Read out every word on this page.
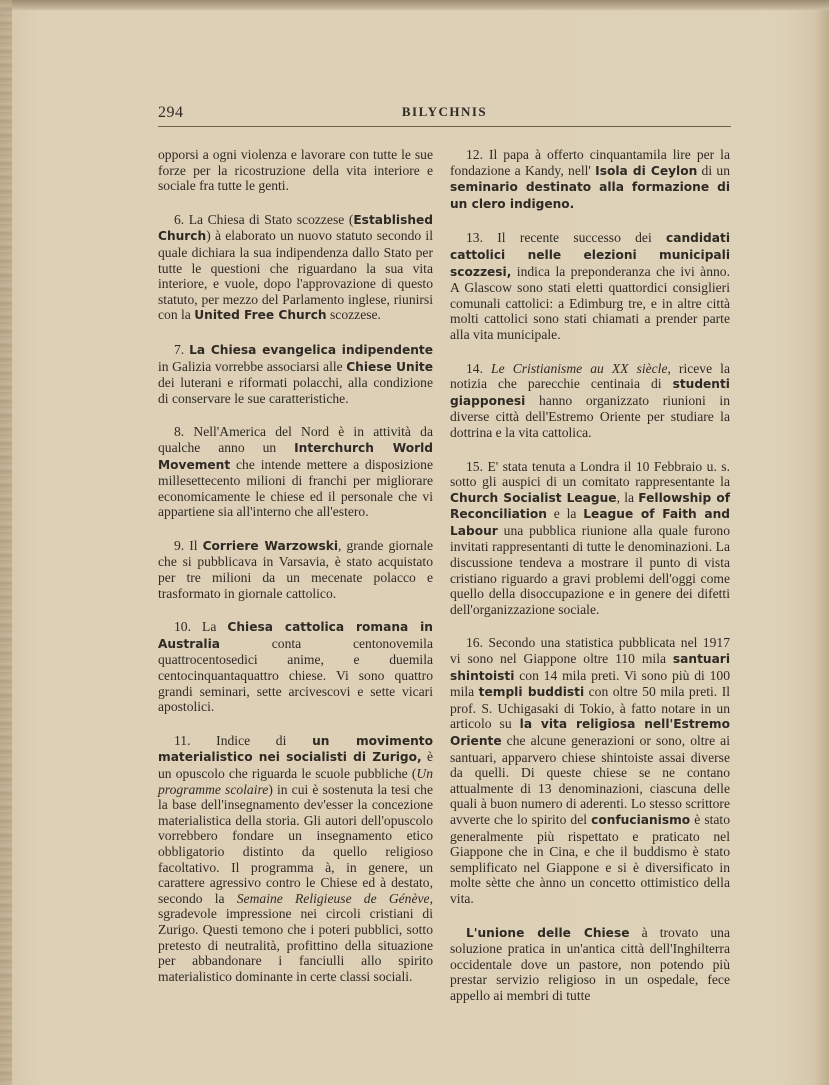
294	BILYCHNIS

opporsi a ogni violenza e lavorare con tutte le sue forze per la ricostruzione della vita interiore e sociale fra tutte le genti.

6. La Chiesa di Stato scozzese (Established Church) à elaborato un nuovo statuto secondo il quale dichiara la sua indipendenza dallo Stato per tutte le questioni che riguardano la sua vita interiore, e vuole, dopo l'approvazione di questo statuto, per mezzo del Parlamento inglese, riunirsi con la United Free Church scozzese.

7. La Chiesa evangelica indipendente in Galizia vorrebbe associarsi alle Chiese Unite dei luterani e riformati polacchi, alla condizione di conservare le sue caratteristiche.

8. Nell'America del Nord è in attività da qualche anno un Interchurch World Movement che intende mettere a disposizione millesettecento milioni di franchi per migliorare economicamente le chiese ed il personale che vi appartiene sia all'interno che all'estero.

9. Il Corriere Warzowski, grande giornale che si pubblicava in Varsavia, è stato acquistato per tre milioni da un mecenate polacco e trasformato in giornale cattolico.

10. La Chiesa cattolica romana in Australia conta centonovemila quattrocentosedici anime, e duemila centocinquantaquattro chiese. Vi sono quattro grandi seminari, sette arcivescovi e sette vicari apostolici.

11. Indice di un movimento materialistico nei socialisti di Zurigo, è un opuscolo che riguarda le scuole pubbliche (Un programme scolaire) in cui è sostenuta la tesi che la base dell'insegnamento dev'esser la concezione materialistica della storia. Gli autori dell'opuscolo vorrebbero fondare un insegnamento etico obbligatorio distinto da quello religioso facoltativo. Il programma à, in genere, un carattere agressivo contro le Chiese ed à destato, secondo la Semaine Religieuse de Génève, sgradevole impressione nei circoli cristiani di Zurigo. Questi temono che i poteri pubblici, sotto pretesto di neutralità, profittino della situazione per abbandonare i fanciulli allo spirito materialistico dominante in certe classi sociali.

12. Il papa à offerto cinquantamila lire per la fondazione a Kandy, nell' Isola di Ceylon di un seminario destinato alla formazione di un clero indigeno.

13. Il recente successo dei candidati cattolici nelle elezioni municipali scozzesi, indica la preponderanza che ivi ànno. A Glascow sono stati eletti quattordici consiglieri comunali cattolici: a Edimburg tre, e in altre città molti cattolici sono stati chiamati a prender parte alla vita municipale.

14. Le Cristianisme au XX siècle, riceve la notizia che parecchie centinaia di studenti giapponesi hanno organizzato riunioni in diverse città dell'Estremo Oriente per studiare la dottrina e la vita cattolica.

15. E' stata tenuta a Londra il 10 Febbraio u. s. sotto gli auspici di un comitato rappresentante la Church Socialist League, la Fellowship of Reconciliation e la League of Faith and Labour una pubblica riunione alla quale furono invitati rappresentanti di tutte le denominazioni. La discussione tendeva a mostrare il punto di vista cristiano riguardo a gravi problemi dell'oggi come quello della disoccupazione e in genere dei difetti dell'organizzazione sociale.

16. Secondo una statistica pubblicata nel 1917 vi sono nel Giappone oltre 110 mila santuari shintoisti con 14 mila preti. Vi sono più di 100 mila templi buddisti con oltre 50 mila preti. Il prof. S. Uchigasaki di Tokio, à fatto notare in un articolo su la vita religiosa nell'Estremo Oriente che alcune generazioni or sono, oltre ai santuari, apparvero chiese shintoiste assai diverse da quelli. Di queste chiese se ne contano attualmente di 13 denominazioni, ciascuna delle quali à buon numero di aderenti. Lo stesso scrittore avverte che lo spirito del confucianismo è stato generalmente più rispettato e praticato nel Giappone che in Cina, e che il buddismo è stato semplificato nel Giappone e si è diversificato in molte sètte che ànno un concetto ottimistico della vita.

L'unione delle Chiese à trovato una soluzione pratica in un'antica città dell'Inghilterra occidentale dove un pastore, non potendo più prestar servizio religioso in un ospedale, fece appello ai membri di tutte
